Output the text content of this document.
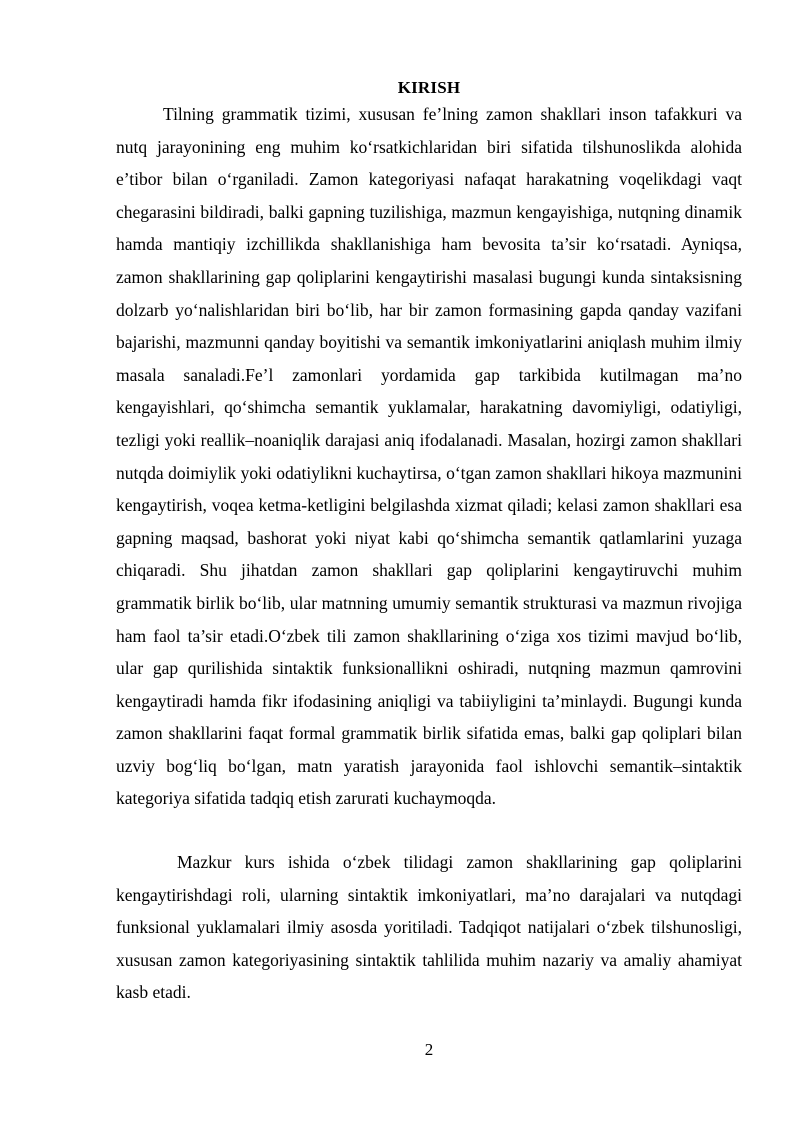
KIRISH

Tilning grammatik tizimi, xususan fe’lning zamon shakllari inson tafakkuri va nutq jarayonining eng muhim ko‘rsatkichlaridan biri sifatida tilshunoslikda alohida e’tibor bilan o‘rganiladi. Zamon kategoriyasi nafaqat harakatning voqelikdagi vaqt chegarasini bildiradi, balki gapning tuzilishiga, mazmun kengayishiga, nutqning dinamik hamda mantiqiy izchillikda shakllanishiga ham bevosita ta’sir ko‘rsatadi. Ayniqsa, zamon shakllarining gap qoliplarini kengaytirishi masalasi bugungi kunda sintaksisning dolzarb yo‘nalishlaridan biri bo‘lib, har bir zamon formasining gapda qanday vazifani bajarishi, mazmunni qanday boyitishi va semantik imkoniyatlarini aniqlash muhim ilmiy masala sanaladi.Fe’l zamonlari yordamida gap tarkibida kutilmagan ma’no kengayishlari, qo‘shimcha semantik yuklamalar, harakatning davomiyligi, odatiyligi, tezligi yoki reallik–noaniqlik darajasi aniq ifodalanadi. Masalan, hozirgi zamon shakllari nutqda doimiylik yoki odatiylikni kuchaytirsa, o‘tgan zamon shakllari hikoya mazmunini kengaytirish, voqea ketma-ketligini belgilashda xizmat qiladi; kelasi zamon shakllari esa gapning maqsad, bashorat yoki niyat kabi qo‘shimcha semantik qatlamlarini yuzaga chiqaradi. Shu jihatdan zamon shakllari gap qoliplarini kengaytiruvchi muhim grammatik birlik bo‘lib, ular matnning umumiy semantik strukturasi va mazmun rivojiga ham faol ta’sir etadi.O‘zbek tili zamon shakllarining o‘ziga xos tizimi mavjud bo‘lib, ular gap qurilishida sintaktik funksionallikni oshiradi, nutqning mazmun qamrovini kengaytiradi hamda fikr ifodasining aniqligi va tabiiyligini ta’minlaydi. Bugungi kunda zamon shakllarini faqat formal grammatik birlik sifatida emas, balki gap qoliplari bilan uzviy bog‘liq bo‘lgan, matn yaratish jarayonida faol ishlovchi semantik–sintaktik kategoriya sifatida tadqiq etish zarurati kuchaymoqda.

Mazkur kurs ishida o‘zbek tilidagi zamon shakllarining gap qoliplarini kengaytirishdagi roli, ularning sintaktik imkoniyatlari, ma’no darajalari va nutqdagi funksional yuklamalari ilmiy asosda yoritiladi. Tadqiqot natijalari o‘zbek tilshunosligi, xususan zamon kategoriyasining sintaktik tahlilida muhim nazariy va amaliy ahamiyat kasb etadi.

2
